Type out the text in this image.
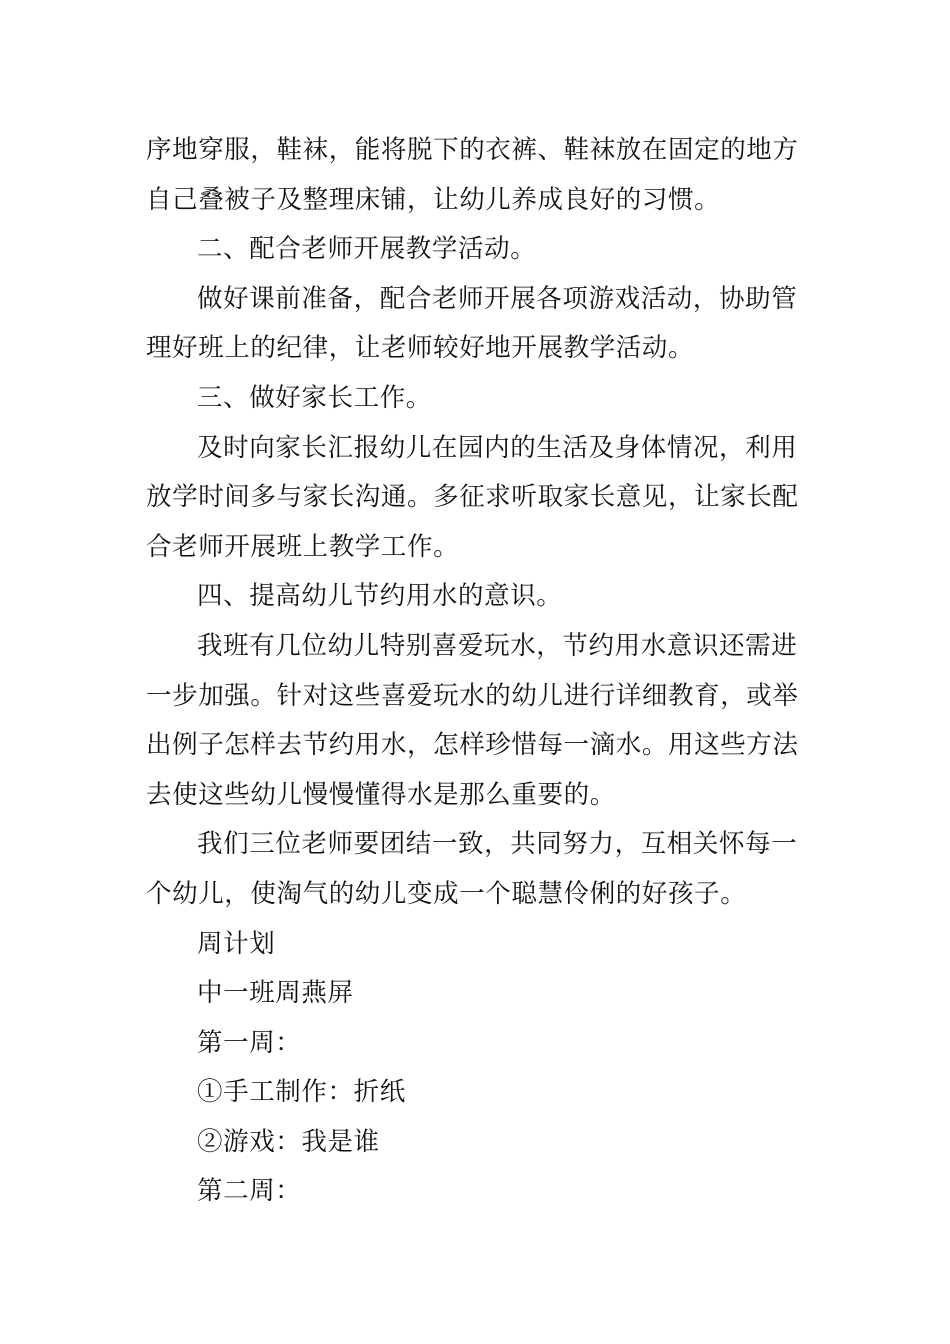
序地穿服，鞋袜，能将脱下的衣裤、鞋袜放在固定的地方
自己叠被子及整理床铺，让幼儿养成良好的习惯。

二、配合老师开展教学活动。

做好课前准备，配合老师开展各项游戏活动，协助管
理好班上的纪律，让老师较好地开展教学活动。

三、做好家长工作。

及时向家长汇报幼儿在园内的生活及身体情况，利用
放学时间多与家长沟通。多征求听取家长意见，让家长配
合老师开展班上教学工作。

四、提高幼儿节约用水的意识。

我班有几位幼儿特别喜爱玩水，节约用水意识还需进
一步加强。针对这些喜爱玩水的幼儿进行详细教育，或举
出例子怎样去节约用水，怎样珍惜每一滴水。用这些方法
去使这些幼儿慢慢懂得水是那么重要的。

我们三位老师要团结一致，共同努力，互相关怀每一
个幼儿，使淘气的幼儿变成一个聪慧伶俐的好孩子。

周计划

中一班周燕屏

第一周：

①手工制作：折纸

②游戏：我是谁

第二周：
